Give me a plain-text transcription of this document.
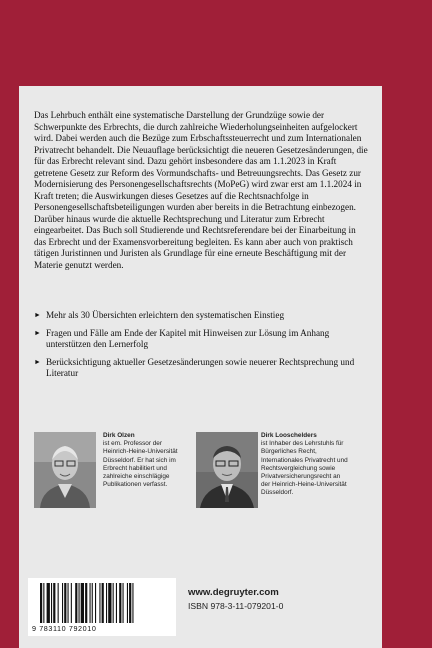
Das Lehrbuch enthält eine systematische Darstellung der Grundzüge sowie der Schwerpunkte des Erbrechts, die durch zahlreiche Wiederholungseinheiten aufgelockert wird. Dabei werden auch die Bezüge zum Erbschaftssteuerrecht und zum Internationalen Privatrecht behandelt. Die Neuauflage berücksichtigt die neueren Gesetzesänderungen, die für das Erbrecht relevant sind. Dazu gehört insbesondere das am 1.1.2023 in Kraft getretene Gesetz zur Reform des Vormundschafts- und Betreuungsrechts. Das Gesetz zur Modernisierung des Personengesellschaftsrechts (MoPeG) wird zwar erst am 1.1.2024 in Kraft treten; die Auswirkungen dieses Gesetzes auf die Rechtsnachfolge in Personengesellschaftsbeteiligungen wurden aber bereits in die Betrachtung einbezogen. Darüber hinaus wurde die aktuelle Rechtsprechung und Literatur zum Erbrecht eingearbeitet. Das Buch soll Studierende und Rechtsreferendare bei der Einarbeitung in das Erbrecht und der Examensvorbereitung begleiten. Es kann aber auch von praktisch tätigen Juristinnen und Juristen als Grundlage für eine erneute Beschäftigung mit der Materie genutzt werden.

► Mehr als 30 Übersichten erleichtern den systematischen Einstieg
► Fragen und Fälle am Ende der Kapitel mit Hinweisen zur Lösung im Anhang unterstützen den Lernerfolg
► Berücksichtigung aktueller Gesetzesänderungen sowie neuerer Rechtsprechung und Literatur
Dirk Olzen
ist em. Professor der Heinrich-Heine-Universität Düsseldorf. Er hat sich im Erbrecht habilitiert und zahlreiche einschlägige Publikationen verfasst.
Dirk Looschelders
ist Inhaber des Lehrstuhls für Bürgerliches Recht, Internationales Privatrecht und Rechtsvergleichung sowie Privatversicherungsrecht an der Heinrich-Heine-Universität Düsseldorf.
9 783110 792010
www.degruyter.com
ISBN 978-3-11-079201-0
